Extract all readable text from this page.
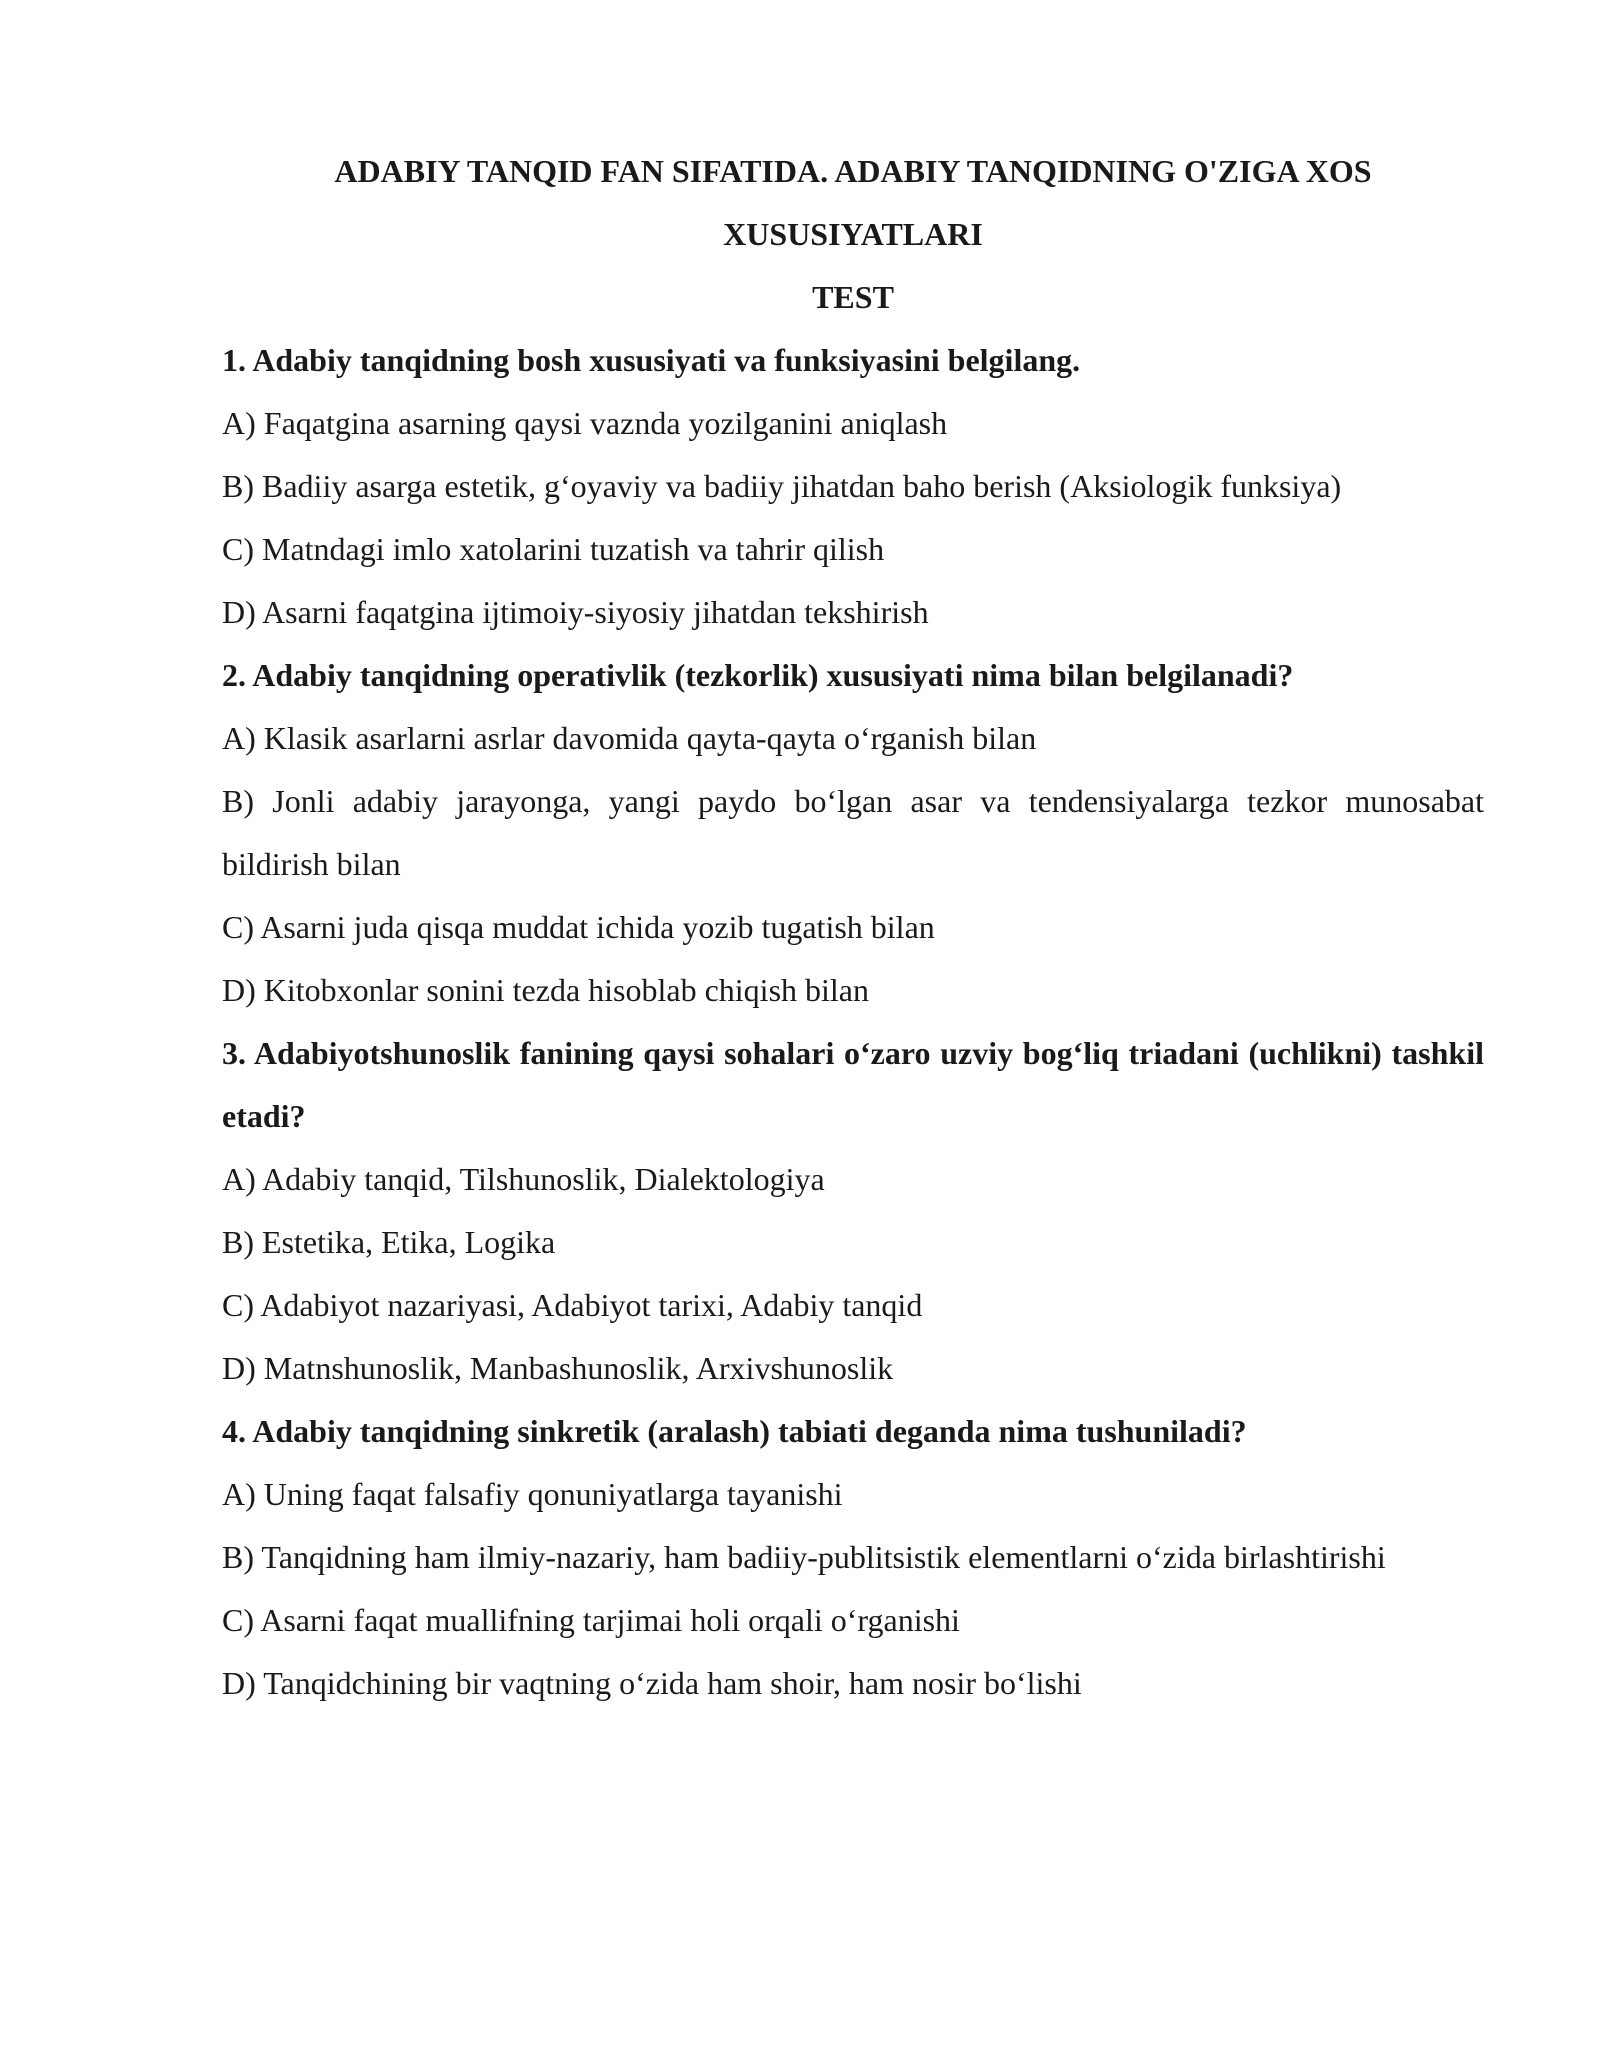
ADABIY TANQID FAN SIFATIDA. ADABIY TANQIDNING O'ZIGA XOS XUSUSIYATLARI

TEST

1. Adabiy tanqidning bosh xususiyati va funksiyasini belgilang.

A) Faqatgina asarning qaysi vaznda yozilganini aniqlash

B) Badiiy asarga estetik, g‘oyaviy va badiiy jihatdan baho berish (Aksiologik funksiya)

C) Matndagi imlo xatolarini tuzatish va tahrir qilish

D) Asarni faqatgina ijtimoiy-siyosiy jihatdan tekshirish

2. Adabiy tanqidning operativlik (tezkorlik) xususiyati nima bilan belgilanadi?

A) Klasik asarlarni asrlar davomida qayta-qayta o‘rganish bilan

B) Jonli adabiy jarayonga, yangi paydo bo‘lgan asar va tendensiyalarga tezkor munosabat bildirish bilan

C) Asarni juda qisqa muddat ichida yozib tugatish bilan

D) Kitobxonlar sonini tezda hisoblab chiqish bilan

3. Adabiyotshunoslik fanining qaysi sohalari o‘zaro uzviy bog‘liq triadani (uchlikni) tashkil etadi?

A) Adabiy tanqid, Tilshunoslik, Dialektologiya

B) Estetika, Etika, Logika

C) Adabiyot nazariyasi, Adabiyot tarixi, Adabiy tanqid

D) Matnshunoslik, Manbashunoslik, Arxivshunoslik

4. Adabiy tanqidning sinkretik (aralash) tabiati deganda nima tushuniladi?

A) Uning faqat falsafiy qonuniyatlarga tayanishi

B) Tanqidning ham ilmiy-nazariy, ham badiiy-publitsistik elementlarni o‘zida birlashtirishi

C) Asarni faqat muallifning tarjimai holi orqali o‘rganishi

D) Tanqidchining bir vaqtning o‘zida ham shoir, ham nosir bo‘lishi
